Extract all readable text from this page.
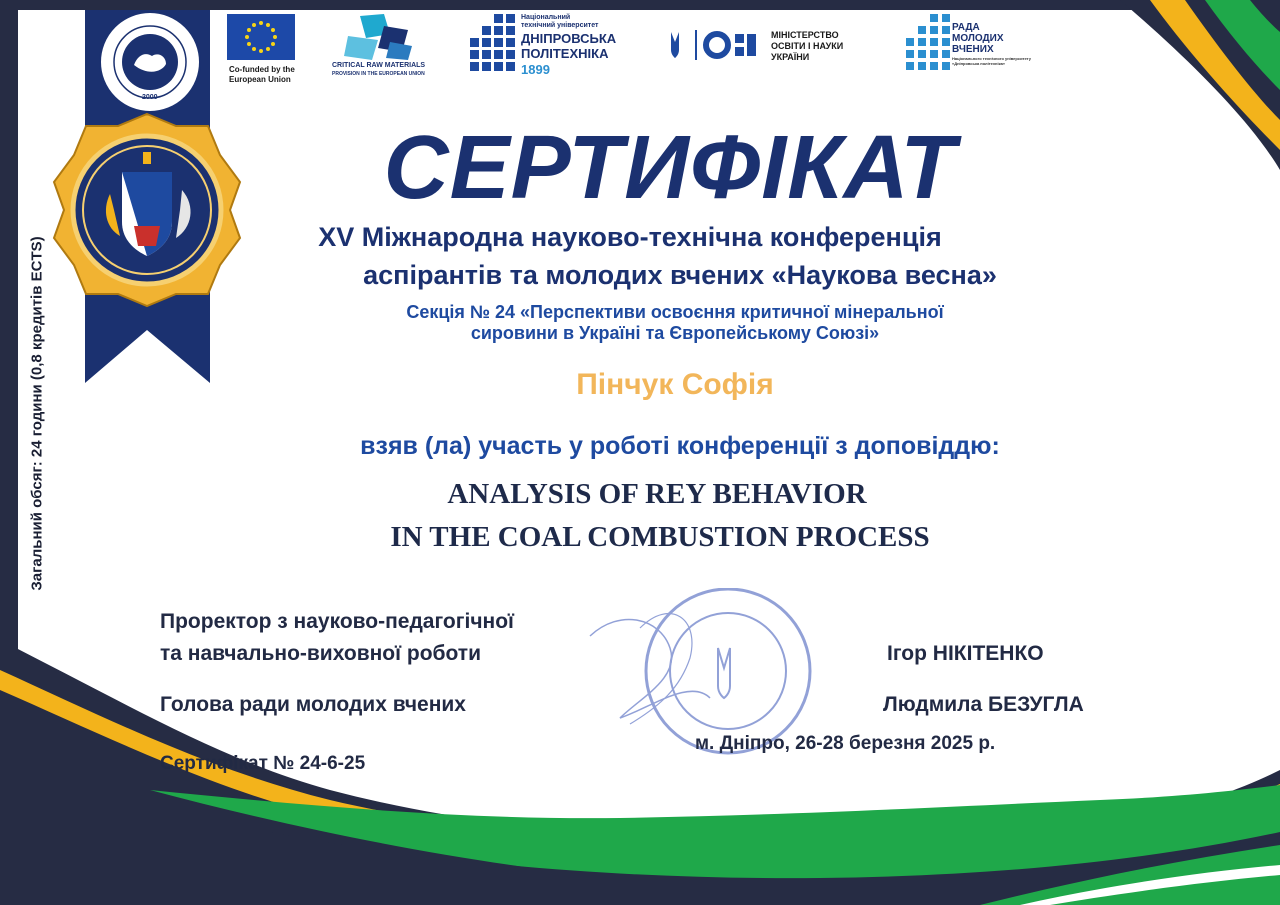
Загальний обсяг: 24 години (0,8 кредитів ECTS)
2000
Co-funded by the
European Union
CRITICAL RAW MATERIALS
PROVISION IN THE EUROPEAN UNION
Національний
технічний університет
ДНІПРОВСЬКА
ПОЛІТЕХНІКА
1899
МІНІСТЕРСТВО
ОСВІТИ І НАУКИ
УКРАЇНИ
РАДА
МОЛОДИХ
ВЧЕНИХ
Національного технічного університету
«Дніпровська політехніка»
СЕРТИФІКАТ
XV Міжнародна науково-технічна конференція
аспірантів та молодих вчених «Наукова весна»
Секція № 24 «Перспективи освоєння критичної мінеральної
сировини в Україні та Європейському Союзі»
Пінчук Софія
взяв (ла) участь у роботі конференції з доповіддю:
ANALYSIS OF REY BEHAVIOR
IN THE COAL COMBUSTION PROCESS
Проректор з науково-педагогічної
та навчально-виховної роботи	Ігор НІКІТЕНКО
Голова ради молодих вчених	Людмила БЕЗУГЛА
м. Дніпро, 26-28 березня 2025 р.
Сертифікат № 24-6-25
